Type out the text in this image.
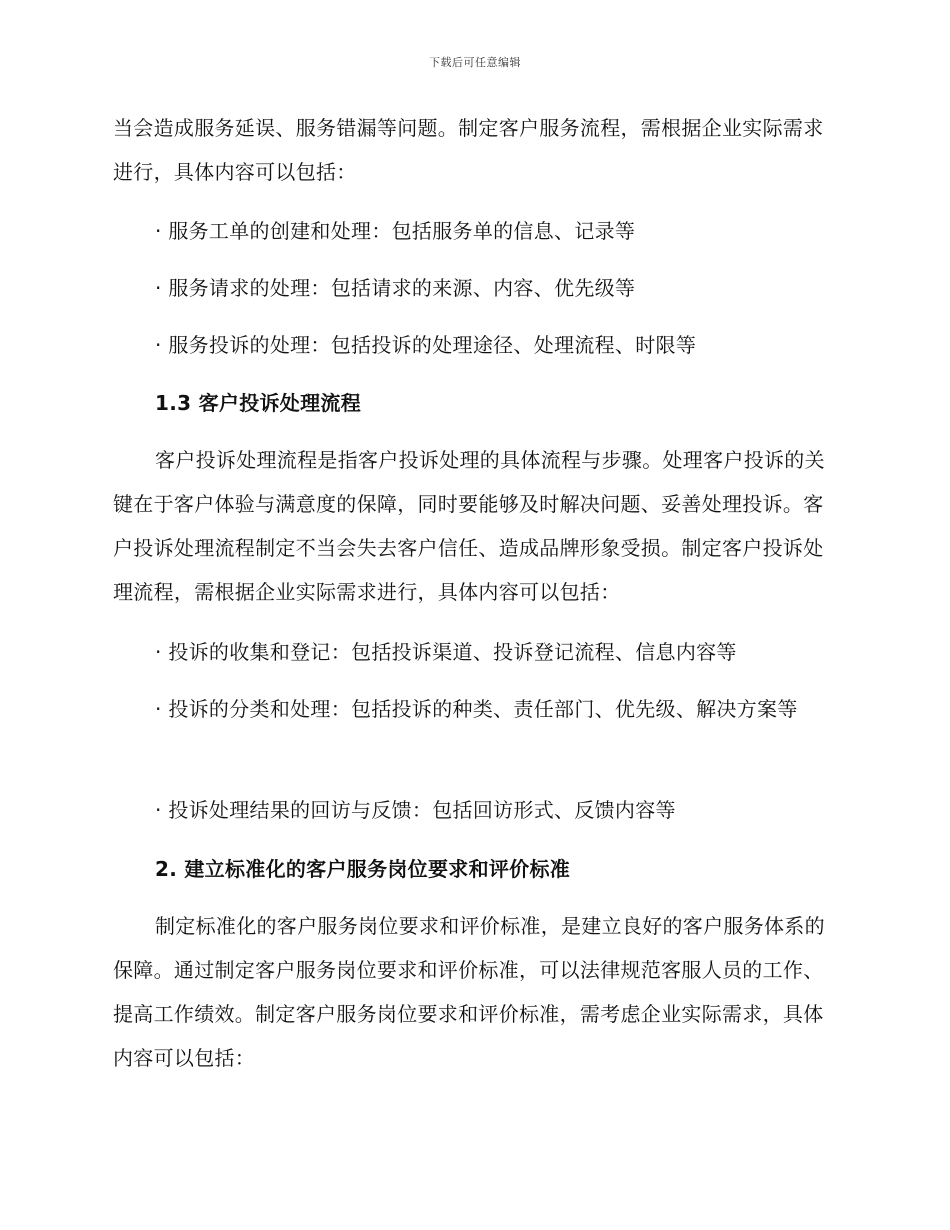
下载后可任意编辑
当会造成服务延误、服务错漏等问题。制定客户服务流程，需根据企业实际需求进行，具体内容可以包括：
· 服务工单的创建和处理：包括服务单的信息、记录等
· 服务请求的处理：包括请求的来源、内容、优先级等
· 服务投诉的处理：包括投诉的处理途径、处理流程、时限等
1.3 客户投诉处理流程
客户投诉处理流程是指客户投诉处理的具体流程与步骤。处理客户投诉的关键在于客户体验与满意度的保障，同时要能够及时解决问题、妥善处理投诉。客户投诉处理流程制定不当会失去客户信任、造成品牌形象受损。制定客户投诉处理流程，需根据企业实际需求进行，具体内容可以包括：
· 投诉的收集和登记：包括投诉渠道、投诉登记流程、信息内容等
· 投诉的分类和处理：包括投诉的种类、责任部门、优先级、解决方案等
· 投诉处理结果的回访与反馈：包括回访形式、反馈内容等
2. 建立标准化的客户服务岗位要求和评价标准
制定标准化的客户服务岗位要求和评价标准，是建立良好的客户服务体系的保障。通过制定客户服务岗位要求和评价标准，可以法律规范客服人员的工作、提高工作绩效。制定客户服务岗位要求和评价标准，需考虑企业实际需求，具体内容可以包括：
